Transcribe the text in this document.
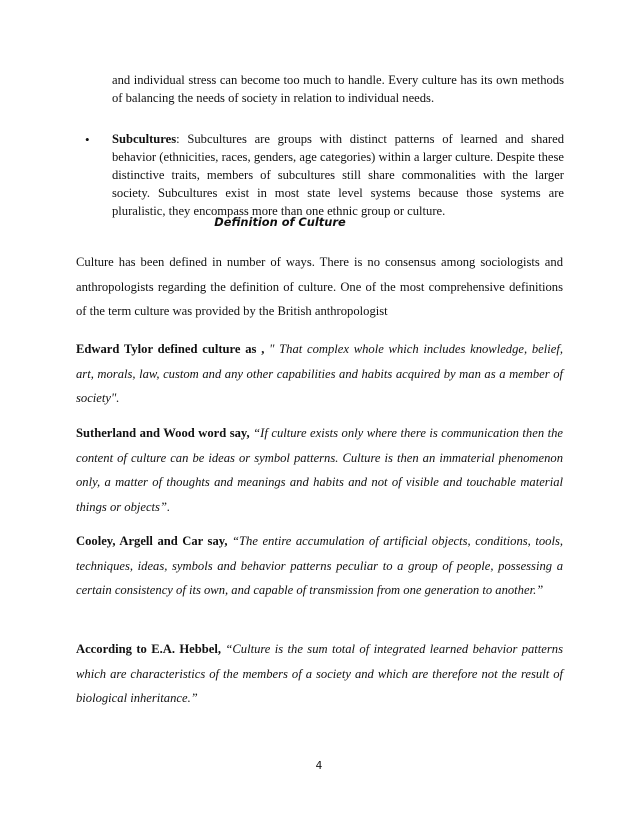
and individual stress can become too much to handle. Every culture has its own methods of balancing the needs of society in relation to individual needs.

• Subcultures: Subcultures are groups with distinct patterns of learned and shared behavior (ethnicities, races, genders, age categories) within a larger culture. Despite these distinctive traits, members of subcultures still share commonalities with the larger society. Subcultures exist in most state level systems because those systems are pluralistic, they encompass more than one ethnic group or culture.

Definition of Culture

Culture has been defined in number of ways. There is no consensus among sociologists and anthropologists regarding the definition of culture. One of the most comprehensive definitions of the term culture was provided by the British anthropologist

Edward Tylor defined culture as , " That complex whole which includes knowledge, belief, art, morals, law, custom and any other capabilities and habits acquired by man as a member of society".

Sutherland and Wood word say, “If culture exists only where there is communication then the content of culture can be ideas or symbol patterns. Culture is then an immaterial phenomenon only, a matter of thoughts and meanings and habits and not of visible and touchable material things or objects”.

Cooley, Argell and Car say, “The entire accumulation of artificial objects, conditions, tools, techniques, ideas, symbols and behavior patterns peculiar to a group of people, possessing a certain consistency of its own, and capable of transmission from one generation to another.”

According to E.A. Hebbel, “Culture is the sum total of integrated learned behavior patterns which are characteristics of the members of a society and which are therefore not the result of biological inheritance.”

4
